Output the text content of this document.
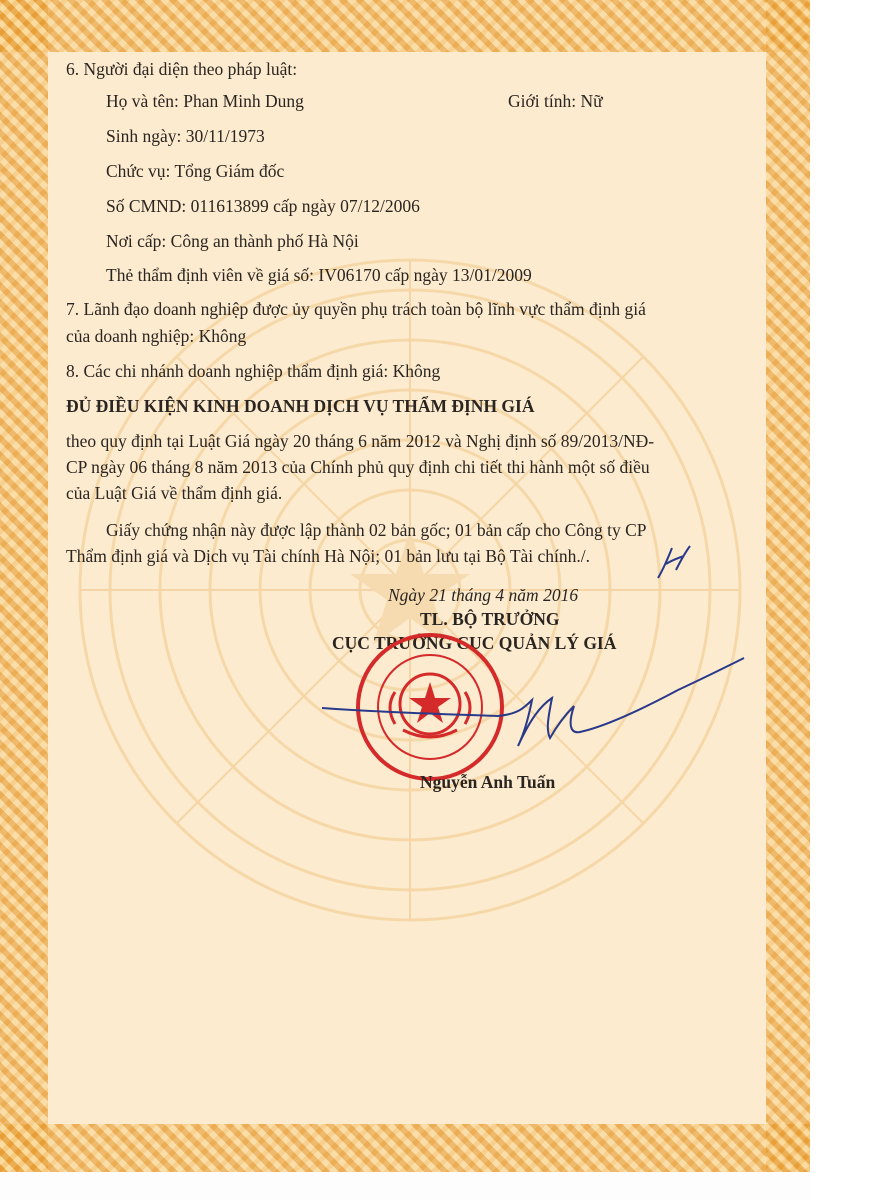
6. Người đại diện theo pháp luật:
Họ và tên: Phan Minh Dung	Giới tính: Nữ
Sinh ngày: 30/11/1973
Chức vụ: Tổng Giám đốc
Số CMND: 011613899 cấp ngày 07/12/2006
Nơi cấp: Công an thành phố Hà Nội
Thẻ thẩm định viên về giá số: IV06170 cấp ngày 13/01/2009
7. Lãnh đạo doanh nghiệp được ủy quyền phụ trách toàn bộ lĩnh vực thẩm định giá
của doanh nghiệp: Không
8. Các chi nhánh doanh nghiệp thẩm định giá: Không
ĐỦ ĐIỀU KIỆN KINH DOANH DỊCH VỤ THẨM ĐỊNH GIÁ
theo quy định tại Luật Giá ngày 20 tháng 6 năm 2012 và Nghị định số 89/2013/NĐ-
CP ngày 06 tháng 8 năm 2013 của Chính phủ quy định chi tiết thi hành một số điều
của Luật Giá về thẩm định giá.
Giấy chứng nhận này được lập thành 02 bản gốc; 01 bản cấp cho Công ty CP
Thẩm định giá và Dịch vụ Tài chính Hà Nội; 01 bản lưu tại Bộ Tài chính./.
Ngày 21 tháng 4 năm 2016
TL. BỘ TRƯỞNG
CỤC TRƯỞNG CỤC QUẢN LÝ GIÁ
Nguyễn Anh Tuấn
